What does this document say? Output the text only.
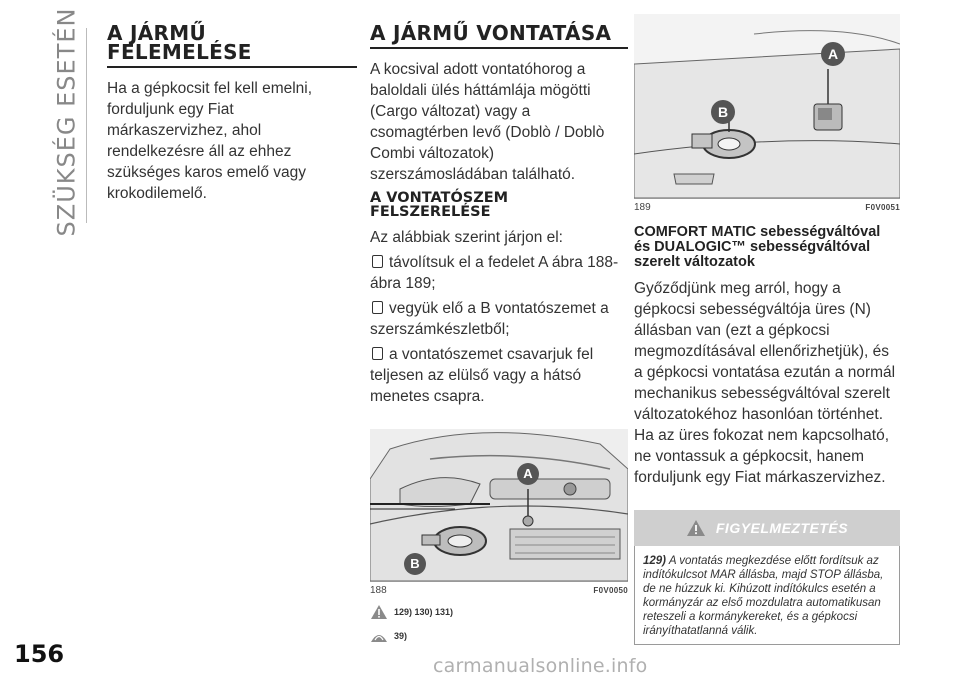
SZÜKSÉG ESETÉN
156
A JÁRMŰ FELEMELÉSE

Ha a gépkocsit fel kell emelni, forduljunk egy Fiat márkaszervizhez, ahol rendelkezésre áll az ehhez szükséges karos emelő vagy krokodilemelő.

A JÁRMŰ VONTATÁSA

A kocsival adott vontatóhorog a baloldali ülés háttámlája mögötti (Cargo változat) vagy a csomagtérben levő (Doblò / Doblò Combi változatok) szerszámosládában található.

A VONTATÓSZEM FELSZERELÉSE

Az alábbiak szerint járjon el:

távolítsuk el a fedelet A ábra 188-ábra 189;
vegyük elő a B vontatószemet a szerszámkészletből;
a vontatószemet csavarjuk fel teljesen az elülső vagy a hátsó menetes csapra.
A
B
188	F0V0050
129) 130) 131)
39)
A
B
189	F0V0051
COMFORT MATIC sebességváltóval és DUALOGIC™ sebességváltóval szerelt változatok

Győződjünk meg arról, hogy a gépkocsi sebességváltója üres (N) állásban van (ezt a gépkocsi megmozdításával ellenőrizhetjük), és a gépkocsi vontatása ezután a normál mechanikus sebességváltóval szerelt változatokéhoz hasonlóan történhet.

Ha az üres fokozat nem kapcsolható, ne vontassuk a gépkocsit, hanem forduljunk egy Fiat márkaszervizhez.

FIGYELMEZTETÉS
129) A vontatás megkezdése előtt fordítsuk az indítókulcsot MAR állásba, majd STOP állásba, de ne húzzuk ki. Kihúzott indítókulcs esetén a kormányzár az első mozdulatra automatikusan reteszeli a kormánykereket, és a gépkocsi irányíthatatlanná válik.
carmanualsonline.info
